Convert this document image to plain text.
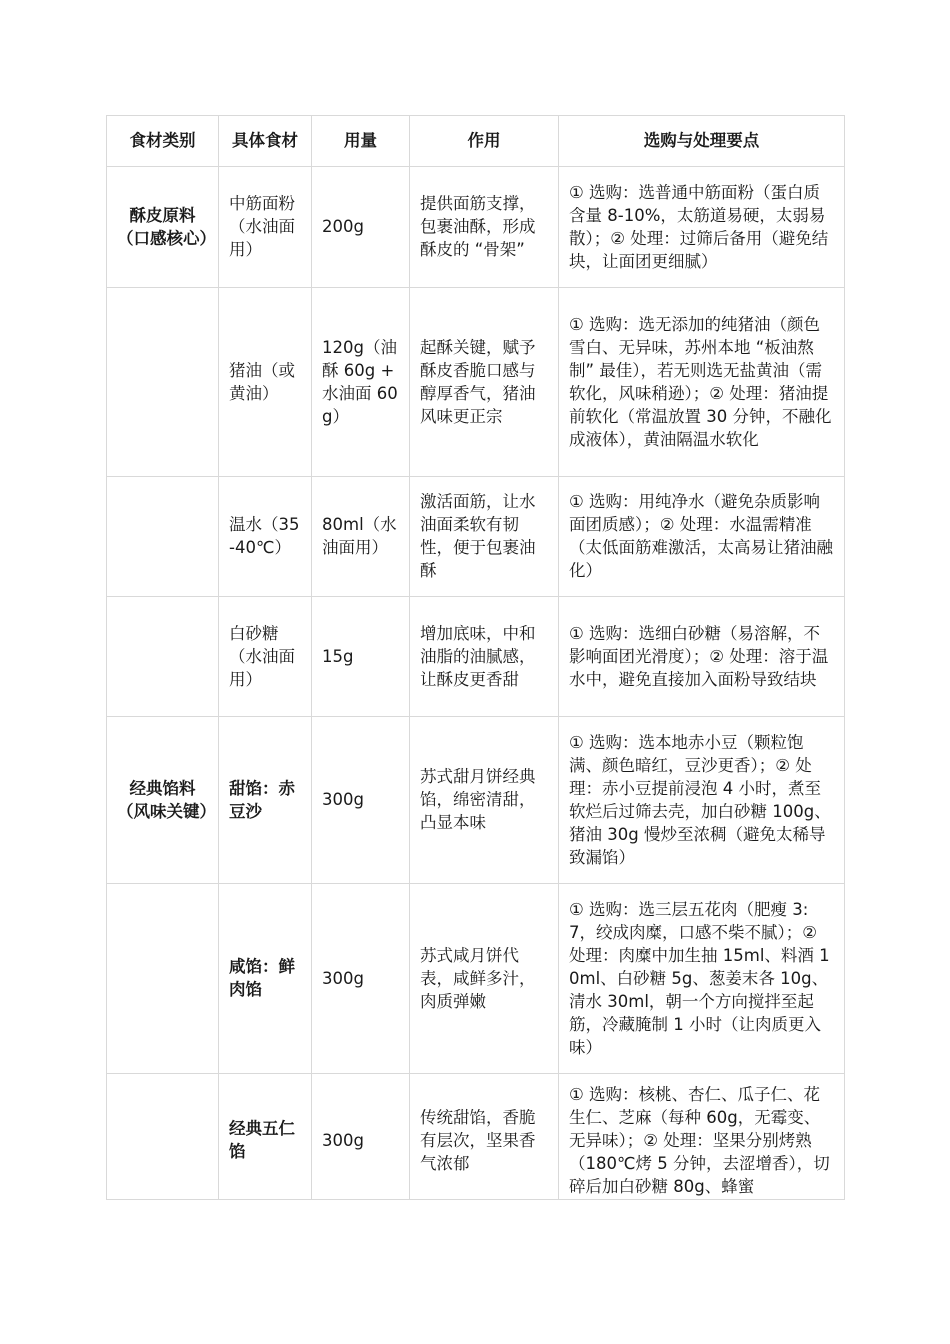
食材类别	具体食材	用量	作用	选购与处理要点
酥皮原料（口感核心）	中筋面粉（水油面用）	200g	提供面筋支撑，包裹油酥，形成酥皮的 “骨架”	① 选购：选普通中筋面粉（蛋白质含量 8-10%，太筋道易硬，太弱易散）；② 处理：过筛后备用（避免结块，让面团更细腻）
	猪油（或黄油）	120g（油酥 60g + 水油面 60g）	起酥关键，赋予酥皮香脆口感与醇厚香气，猪油风味更正宗	① 选购：选无添加的纯猪油（颜色雪白、无异味，苏州本地 “板油熬制” 最佳），若无则选无盐黄油（需软化，风味稍逊）；② 处理：猪油提前软化（常温放置 30 分钟，不融化成液体），黄油隔温水软化
	温水（35-40℃）	80ml（水油面用）	激活面筋，让水油面柔软有韧性，便于包裹油酥	① 选购：用纯净水（避免杂质影响面团质感）；② 处理：水温需精准（太低面筋难激活，太高易让猪油融化）
	白砂糖（水油面用）	15g	增加底味，中和油脂的油腻感，让酥皮更香甜	① 选购：选细白砂糖（易溶解，不影响面团光滑度）；② 处理：溶于温水中，避免直接加入面粉导致结块
经典馅料（风味关键）	甜馅：赤豆沙	300g	苏式甜月饼经典馅，绵密清甜，凸显本味	① 选购：选本地赤小豆（颗粒饱满、颜色暗红，豆沙更香）；② 处理：赤小豆提前浸泡 4 小时，煮至软烂后过筛去壳，加白砂糖 100g、猪油 30g 慢炒至浓稠（避免太稀导致漏馅）
	咸馅：鲜肉馅	300g	苏式咸月饼代表，咸鲜多汁，肉质弹嫩	① 选购：选三层五花肉（肥瘦 3:7，绞成肉糜，口感不柴不腻）；② 处理：肉糜中加生抽 15ml、料酒 10ml、白砂糖 5g、葱姜末各 10g、清水 30ml，朝一个方向搅拌至起筋，冷藏腌制 1 小时（让肉质更入味）
	经典五仁馅	300g	传统甜馅，香脆有层次，坚果香气浓郁	① 选购：核桃、杏仁、瓜子仁、花生仁、芝麻（每种 60g，无霉变、无异味）；② 处理：坚果分别烤熟（180℃烤 5 分钟，去涩增香），切碎后加白砂糖 80g、蜂蜜
